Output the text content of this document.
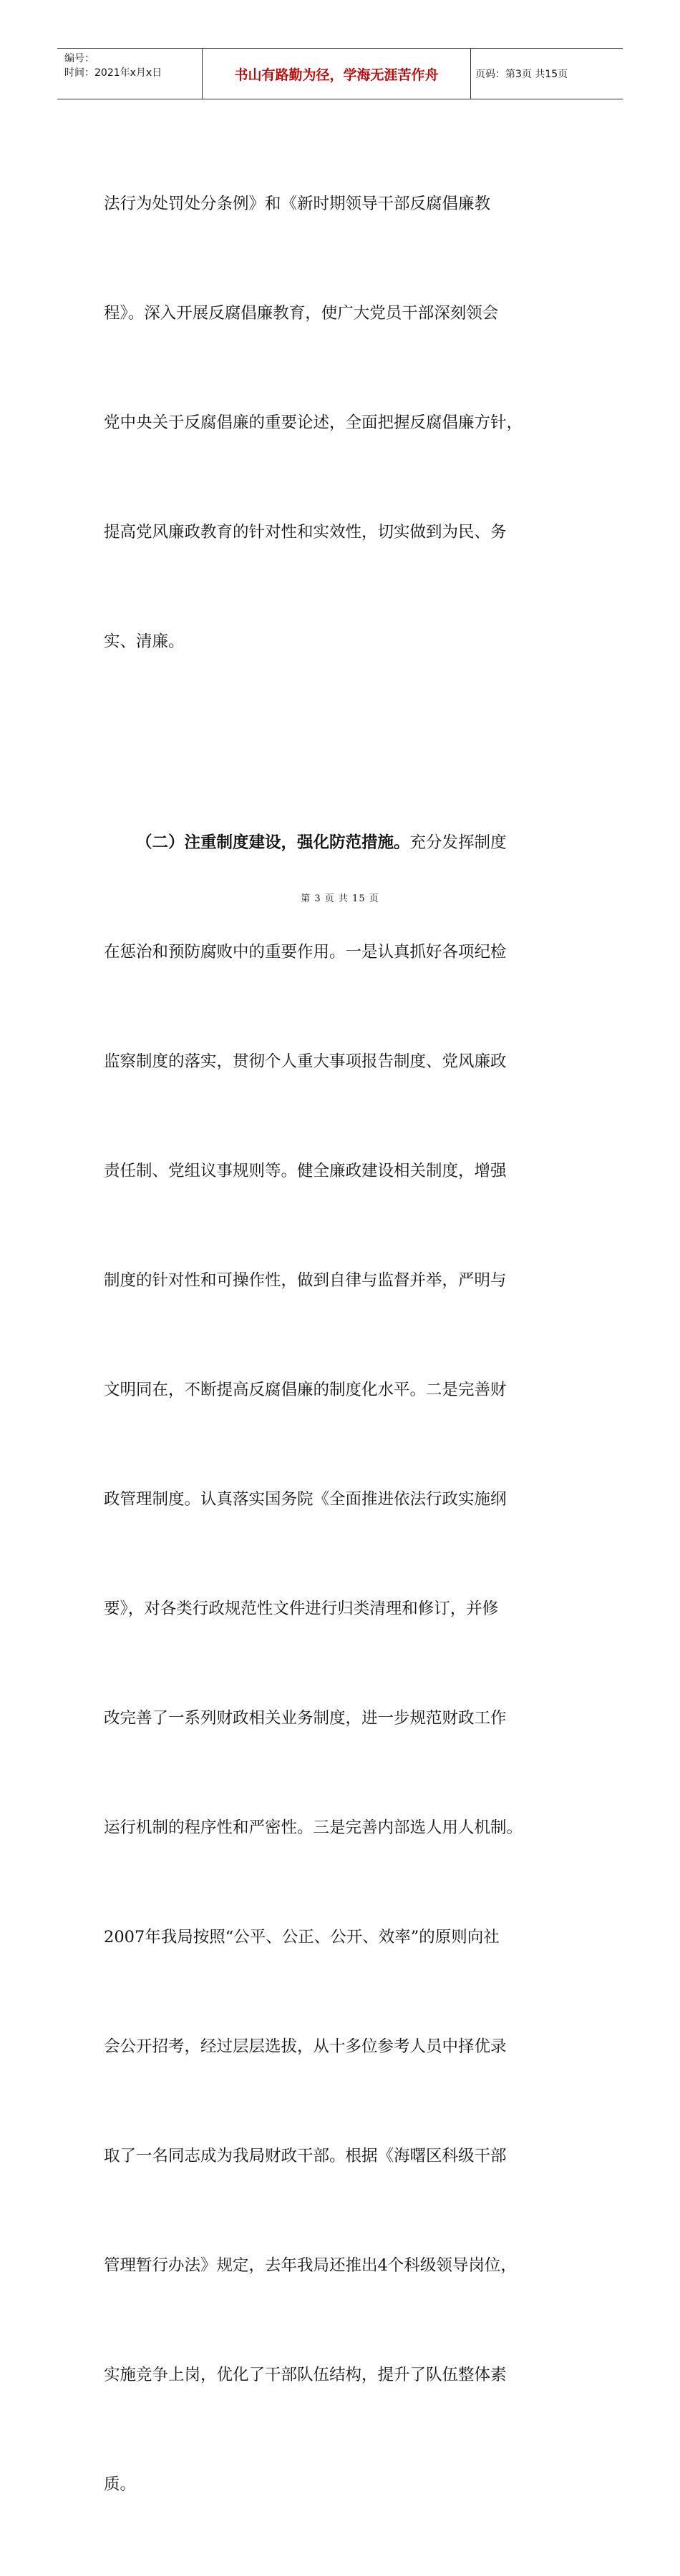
编号：
时间：2021年x月x日	书山有路勤为径，学海无涯苦作舟	页码：第3页 共15页

法行为处罚处分条例》和《新时期领导干部反腐倡廉教

程》。深入开展反腐倡廉教育，使广大党员干部深刻领会

党中央关于反腐倡廉的重要论述，全面把握反腐倡廉方针，

提高党风廉政教育的针对性和实效性，切实做到为民、务

实、清廉。

（二）注重制度建设，强化防范措施。充分发挥制度

在惩治和预防腐败中的重要作用。一是认真抓好各项纪检

监察制度的落实，贯彻个人重大事项报告制度、党风廉政

责任制、党组议事规则等。健全廉政建设相关制度，增强

制度的针对性和可操作性，做到自律与监督并举，严明与

文明同在，不断提高反腐倡廉的制度化水平。二是完善财

政管理制度。认真落实国务院《全面推进依法行政实施纲

要》，对各类行政规范性文件进行归类清理和修订，并修

改完善了一系列财政相关业务制度，进一步规范财政工作

运行机制的程序性和严密性。三是完善内部选人用人机制。

2007年我局按照“公平、公正、公开、效率”的原则向社

会公开招考，经过层层选拔，从十多位参考人员中择优录

取了一名同志成为我局财政干部。根据《海曙区科级干部

管理暂行办法》规定，去年我局还推出4个科级领导岗位，

实施竞争上岗，优化了干部队伍结构，提升了队伍整体素

质。

第 3 页 共 15 页
